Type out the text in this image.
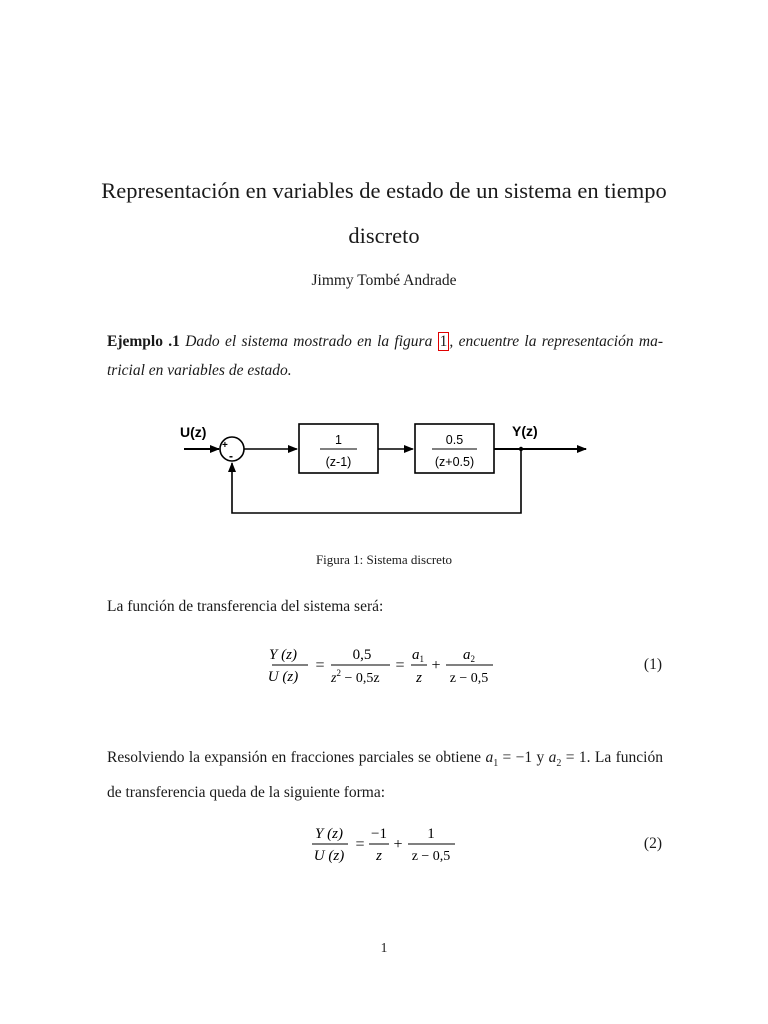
Representación en variables de estado de un sistema en tiempo
discreto
Jimmy Tombé Andrade
Ejemplo .1 Dado el sistema mostrado en la figura 1 , encuentre la representación ma-tricial en variables de estado.
U(z)
+
-
1
(z-1)
0.5
(z+0.5)
Y(z)
Figura 1: Sistema discreto
La función de transferencia del sistema será:
Y (z)
U (z)
=
0,5
$z^2 - 0,5z$
=
$a_1$
z
+
$a_2$
z − 0,5
(1)
Resolviendo la expansión en fracciones parciales se obtiene $a_1 = -1$ y $a_2 = 1$. La función de transferencia queda de la siguiente forma:
Y (z)
U (z)
=
−1
z
+
1
z − 0,5
(2)
1
